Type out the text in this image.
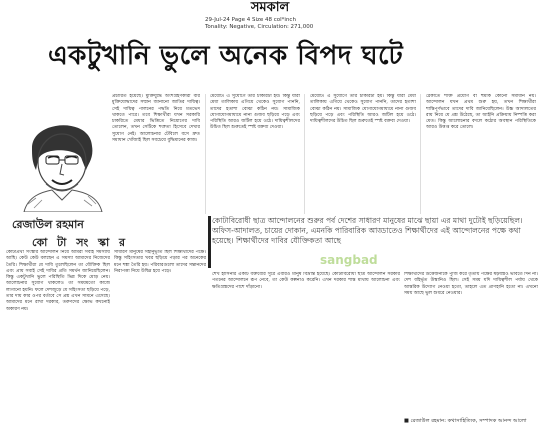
সমকাল
29-Jul-24 Page 4 Size 48 col*inch
Tonality: Negative, Circulation: 271,000
একটুখানি ভুলে অনেক বিপদ ঘটে
রেজাউল রহমান
কো টা সং স্কা র
প্রচারিত হয়েছে। মুক্তিযুদ্ধে অংশগ্রহণকারী বীর মুক্তিযোদ্ধাদের সম্মান জানানো জাতির দায়িত্ব। সেই দায়িত্ব পালনের পদ্ধতি নিয়ে মতভেদ থাকতে পারে। তবে শিক্ষার্থীরা যখন সরকারি চাকরিতে মেধার ভিত্তিতে নিয়োগের দাবি তোলেন, তখন সেটিকে শত্রুতা হিসেবে দেখার সুযোগ নেই। আলোচনার টেবিলে বসে দ্রুত সমাধান খোঁজাই ছিল সবচেয়ে বুদ্ধিমানের কাজ।
মেয়েটি। এ সুযোগে তার চাকরিটা হয়। কিন্তু যারা মেধা তালিকায় এগিয়ে থেকেও সুযোগ পাননি, তাদের হতাশা বোঝা কঠিন নয়। সামাজিক যোগাযোগমাধ্যমে নানা গুজব ছড়িয়ে পড়ে এবং পরিস্থিতি আরও জটিল হয়ে ওঠে। দায়িত্বশীলদের উচিত ছিল শুরুতেই স্পষ্ট বক্তব্য দেওয়া।
মেয়েটি। এ সুযোগে তার চাকরিটা হয়। কিন্তু যারা মেধা তালিকায় এগিয়ে থেকেও সুযোগ পাননি, তাদের হতাশা বোঝা কঠিন নয়। সামাজিক যোগাযোগমাধ্যমে নানা গুজব ছড়িয়ে পড়ে এবং পরিস্থিতি আরও জটিল হয়ে ওঠে। দায়িত্বশীলদের উচিত ছিল শুরুতেই স্পষ্ট বক্তব্য দেওয়া।
ঠেকাতে শক্তি প্রয়োগ বা হুমকি কোনো সমাধান নয়। আন্দোলন যখন প্রথম শুরু হয়, তখন শিক্ষার্থীরা শান্তিপূর্ণভাবে তাদের দাবি জানিয়েছিলেন। উচ্চ আদালতের রায় নিয়ে যে প্রশ্ন উঠেছে, তা আইনি প্রক্রিয়ায় নিষ্পত্তি করা যেত। কিন্তু আলোচনার বদলে কঠোর অবস্থান পরিস্থিতিকে আরও উত্তপ্ত করে তোলে।
কোটাপ্রথা সংস্কার আন্দোলন নিয়ে আমরা সবাই সমস্যায় আছি। কেউ কেউ বলছেন এ সমস্যা আমাদের নিজেদের তৈরি। শিক্ষার্থীরা যে দাবি তুলেছিলেন তা যৌক্তিক ছিল এবং প্রায় সবাই সেই দাবির প্রতি সমর্থন জানিয়েছিলেন। কিন্তু একটুখানি ভুলে পরিস্থিতি ভিন্ন দিকে মোড় নেয়। আলোচনার সুযোগ থাকলেও তা সময়মতো কাজে লাগানো হয়নি। ফলে দেশজুড়ে যে সহিংসতা ছড়িয়ে পড়ে, তার দায় কার ওপর বর্তাবে সে প্রশ্ন এখন সামনে এসেছে। আমাদের মনে রাখা দরকার, তরুণদের ক্ষোভ কখনোই অকারণ নয়।
সাধারণ মানুষের সহানুভূতি ছিল শিক্ষার্থীদের পক্ষে। কিন্তু সহিংসতার খবর ছড়িয়ে পড়ার পর অনেকের মনে শঙ্কা তৈরি হয়। পরিবারগুলো তাদের সন্তানদের নিরাপত্তা নিয়ে উদ্বিগ্ন হয়ে পড়ে।
কোটাবিরোধী ছাত্র আন্দোলনের শুরুর পর্ব দেশের সাধারণ মানুষের মাঝে ছায়া এর মাথা দুটোই ছড়িয়েছিল। অফিস-আদালত, চায়ের দোকান, এমনকি পারিবারিক আড্ডাতেও শিক্ষার্থীদের এই আন্দোলনের পক্ষে কথা হয়েছে। শিক্ষার্থীদের দাবির যৌক্তিকতা আছে
sangbad
শেখ হাসিনার একটি বক্তব্যের সুরে এবারও মানুষ বিভ্রান্ত হয়েছে। কোটাবিরোধী ছাত্র আন্দোলন সরকার পতনের আন্দোলনে রূপ নেবে, তা কেউ কল্পনাও করেনি। এখন দরকার শান্ত মাথায় আলোচনা এবং ক্ষতিগ্রস্তদের পাশে দাঁড়ানো।
শিক্ষার্থীদের উত্তেজনাকে পুঁজি করে তৃতীয় পক্ষের ষড়যন্ত্রও ভাবতে দিন না। দেশ বহির্ভূত উস্কানিও ছিল। সেই সময় যদি দায়িত্বশীল পর্যায় থেকে আন্তরিক উদ্যোগ নেওয়া হতো, তাহলে এত প্রাণহানি হতো না। এখনো সময় আছে ভুল শুধরে নেওয়ার।
■ রেজাউল রহমান: কথাসাহিত্যিক, সম্পাদক আনন্দ আলো
